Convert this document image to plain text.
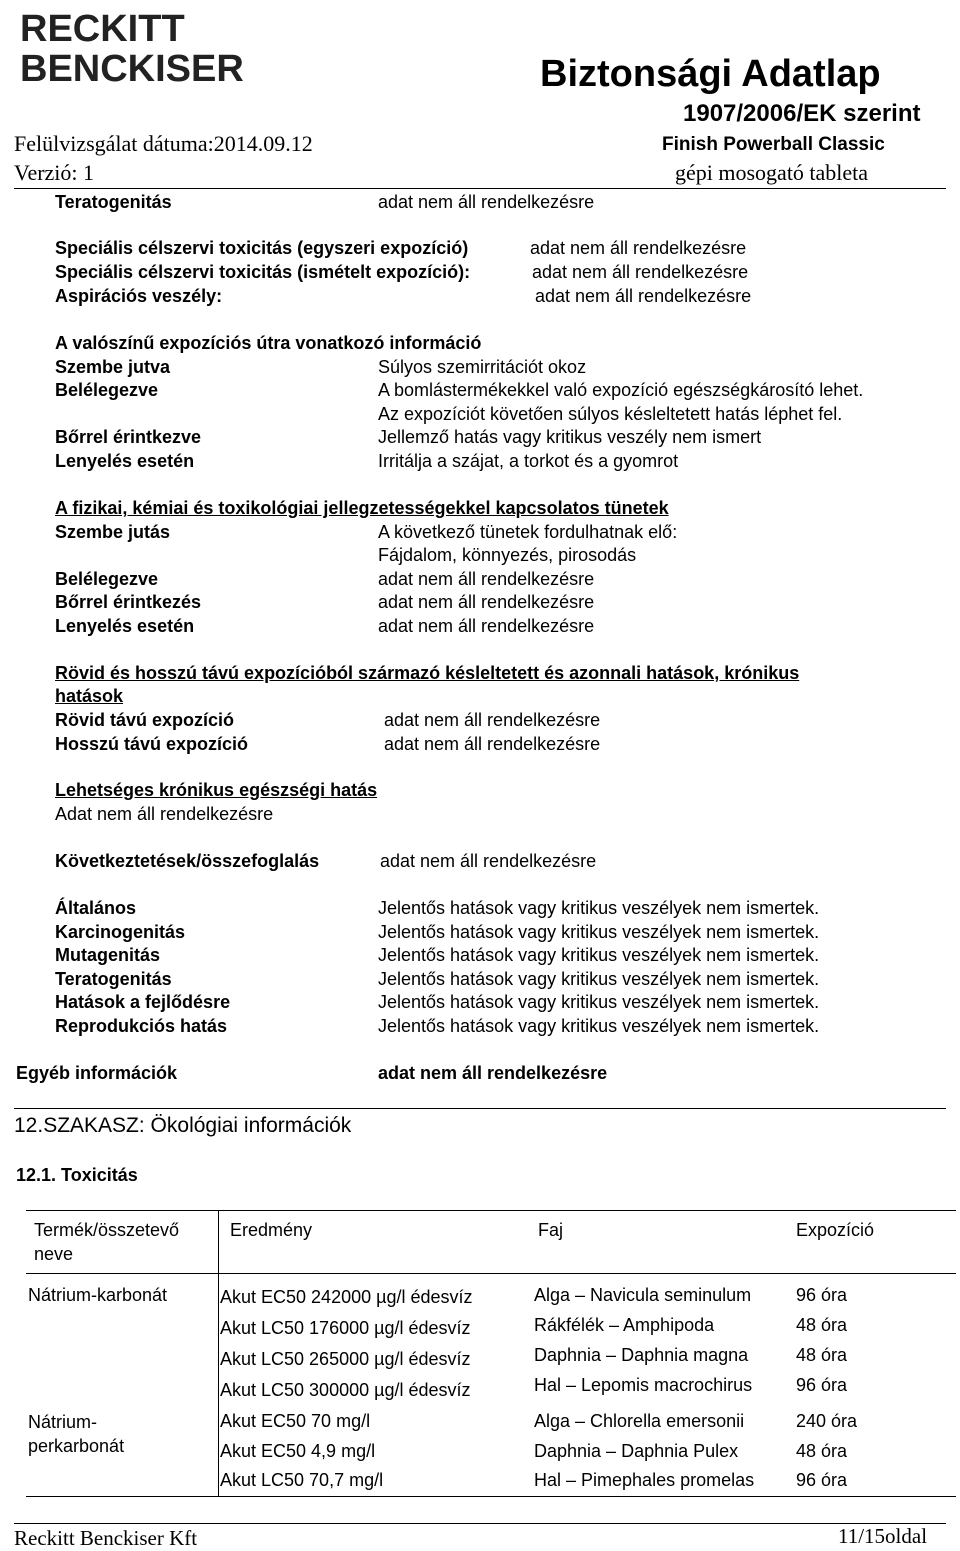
RECKITT
BENCKISER	Biztonsági Adatlap
1907/2006/EK szerint
Felülvizsgálat dátuma:2014.09.12	Finish Powerball Classic
Verzió: 1	gépi mosogató tableta
Teratogenitás	adat nem áll rendelkezésre
Speciális célszervi toxicitás (egyszeri expozíció)	adat nem áll rendelkezésre
Speciális célszervi toxicitás (ismételt expozíció):	adat nem áll rendelkezésre
Aspirációs veszély:	adat nem áll rendelkezésre
A valószínű expozíciós útra vonatkozó információ
Szembe jutva	Súlyos szemirritációt okoz
Belélegezve	A bomlástermékekkel való expozíció egészségkárosító lehet.
Az expozíciót követően súlyos késleltetett hatás léphet fel.
Bőrrel érintkezve	Jellemző hatás vagy kritikus veszély nem ismert
Lenyelés esetén	Irritálja a szájat, a torkot és a gyomrot
A fizikai, kémiai és toxikológiai jellegzetességekkel kapcsolatos tünetek
Szembe jutás	A következő tünetek fordulhatnak elő:
Fájdalom, könnyezés, pirosodás
Belélegezve	adat nem áll rendelkezésre
Bőrrel érintkezés	adat nem áll rendelkezésre
Lenyelés esetén	adat nem áll rendelkezésre
Rövid és hosszú távú expozícióból származó késleltetett és azonnali hatások, krónikus
hatások
Rövid távú expozíció	adat nem áll rendelkezésre
Hosszú távú expozíció	adat nem áll rendelkezésre
Lehetséges krónikus egészségi hatás
Adat nem áll rendelkezésre
Következtetések/összefoglalás	adat nem áll rendelkezésre
Általános	Jelentős hatások vagy kritikus veszélyek nem ismertek.
Karcinogenitás	Jelentős hatások vagy kritikus veszélyek nem ismertek.
Mutagenitás	Jelentős hatások vagy kritikus veszélyek nem ismertek.
Teratogenitás	Jelentős hatások vagy kritikus veszélyek nem ismertek.
Hatások a fejlődésre	Jelentős hatások vagy kritikus veszélyek nem ismertek.
Reprodukciós hatás	Jelentős hatások vagy kritikus veszélyek nem ismertek.
Egyéb információk	adat nem áll rendelkezésre
12.SZAKASZ: Ökológiai információk
12.1. Toxicitás
Termék/összetevő
neve
Eredmény	Faj	Expozíció
Nátrium-karbonát	Akut EC50 242000 µg/l édesvíz	Alga – Navicula seminulum 96 óra
Akut LC50 176000 µg/l édesvíz	Rákfélék – Amphipoda	48 óra
Akut LC50 265000 µg/l édesvíz	Daphnia – Daphnia magna	48 óra
Akut LC50 300000 µg/l édesvíz	Hal – Lepomis macrochirus 96 óra
Nátrium-
perkarbonát
Akut EC50 70 mg/l	Alga – Chlorella emersonii	240 óra
Akut EC50 4,9 mg/l	Daphnia – Daphnia Pulex	48 óra
Akut LC50 70,7 mg/l	Hal – Pimephales promelas 96 óra
Reckitt Benckiser Kft	11/15oldal
